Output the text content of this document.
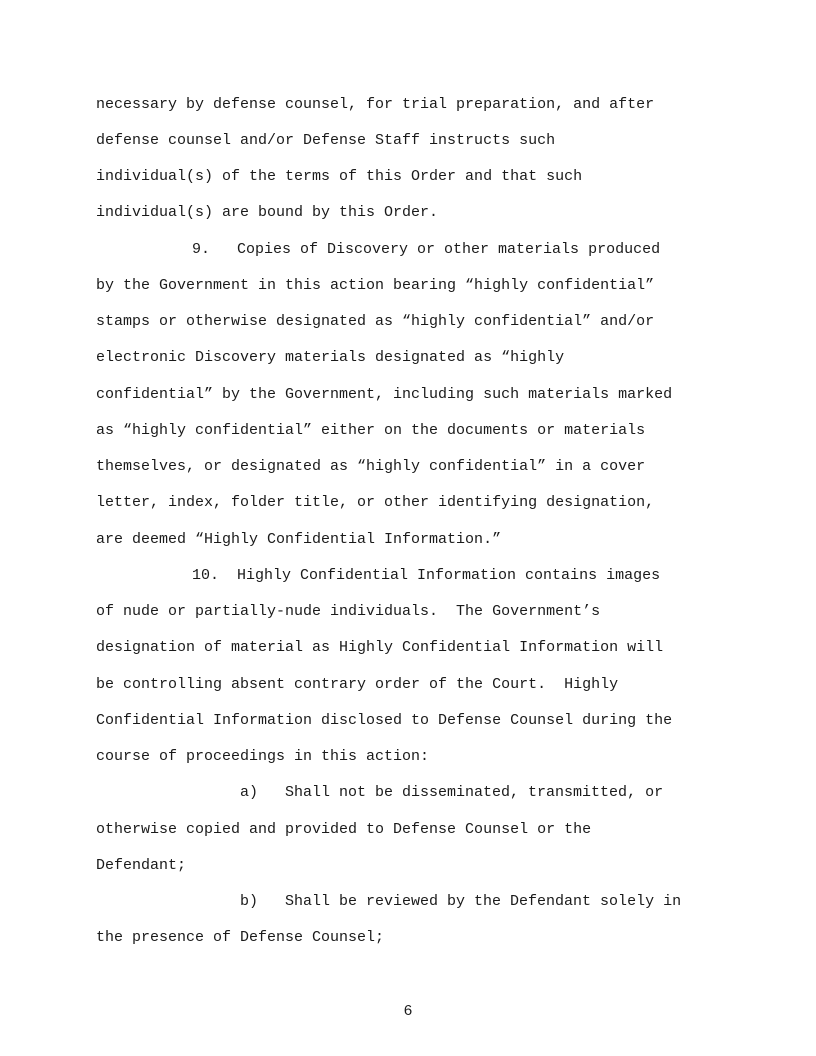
necessary by defense counsel, for trial preparation, and after

defense counsel and/or Defense Staff instructs such

individual(s) of the terms of this Order and that such

individual(s) are bound by this Order.

9.   Copies of Discovery or other materials produced

by the Government in this action bearing “highly confidential”

stamps or otherwise designated as “highly confidential” and/or

electronic Discovery materials designated as “highly

confidential” by the Government, including such materials marked

as “highly confidential” either on the documents or materials

themselves, or designated as “highly confidential” in a cover

letter, index, folder title, or other identifying designation,

are deemed “Highly Confidential Information.”

10.  Highly Confidential Information contains images

of nude or partially-nude individuals.  The Government’s

designation of material as Highly Confidential Information will

be controlling absent contrary order of the Court.  Highly

Confidential Information disclosed to Defense Counsel during the

course of proceedings in this action:

a)   Shall not be disseminated, transmitted, or

otherwise copied and provided to Defense Counsel or the

Defendant;

b)   Shall be reviewed by the Defendant solely in

the presence of Defense Counsel;

6
